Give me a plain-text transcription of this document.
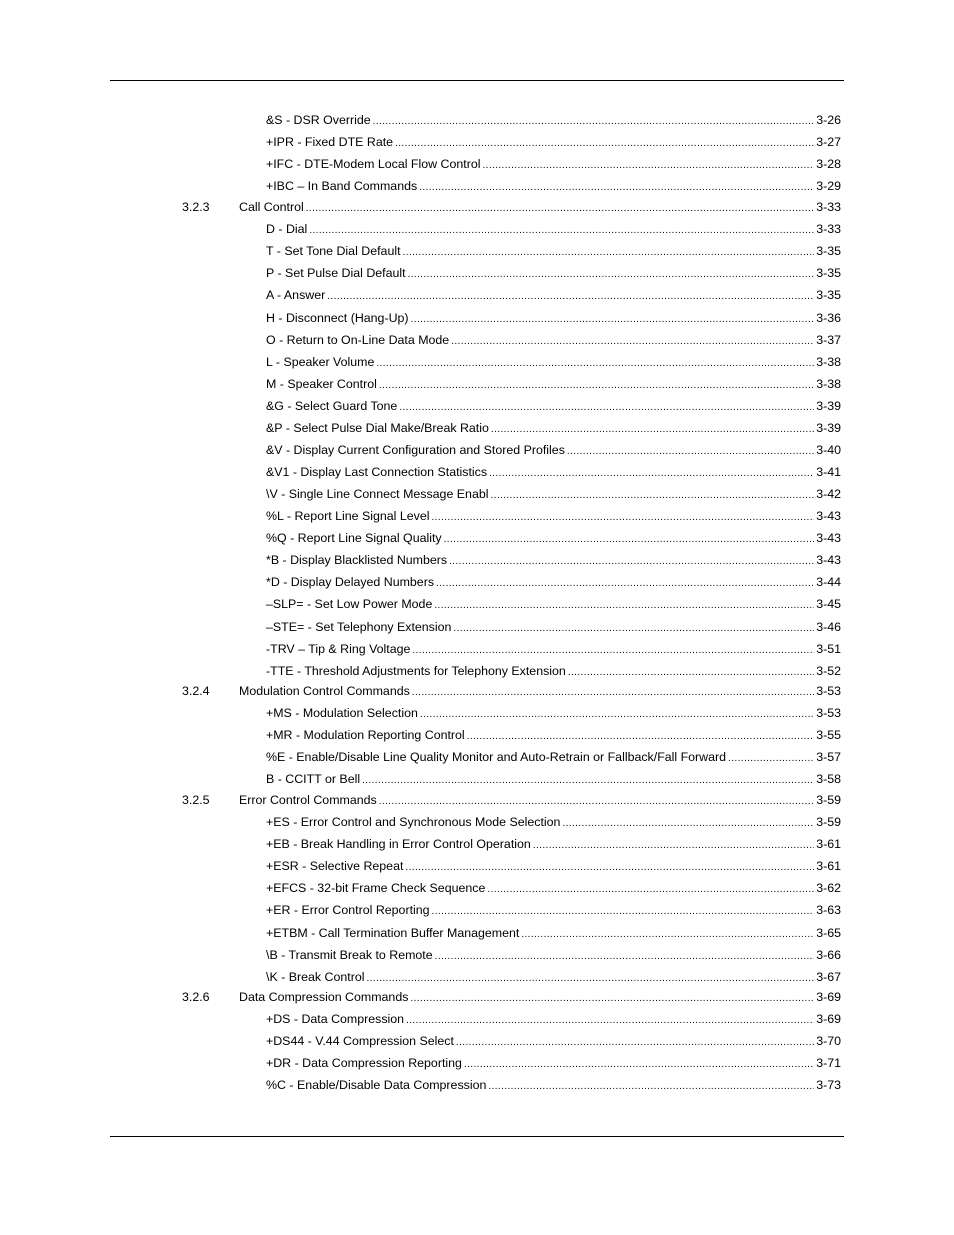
&S - DSR Override .....	3-26
+IPR - Fixed DTE Rate .....	3-27
+IFC - DTE-Modem Local Flow Control .....	3-28
+IBC – In Band Commands .....	3-29
3.2.3	Call Control .....	3-33
D - Dial .....	3-33
T - Set Tone Dial Default .....	3-35
P - Set Pulse Dial Default .....	3-35
A - Answer .....	3-35
H - Disconnect (Hang-Up) .....	3-36
O - Return to On-Line Data Mode .....	3-37
L - Speaker Volume .....	3-38
M - Speaker Control .....	3-38
&G - Select Guard Tone .....	3-39
&P - Select Pulse Dial Make/Break Ratio .....	3-39
&V - Display Current Configuration and Stored Profiles .....	3-40
&V1 - Display Last Connection Statistics .....	3-41
\V - Single Line Connect Message Enabl .....	3-42
%L - Report Line Signal Level .....	3-43
%Q - Report Line Signal Quality .....	3-43
*B - Display Blacklisted Numbers .....	3-43
*D - Display Delayed Numbers .....	3-44
–SLP= - Set Low Power Mode .....	3-45
–STE= - Set Telephony Extension .....	3-46
-TRV – Tip & Ring Voltage .....	3-51
-TTE - Threshold Adjustments for Telephony Extension .....	3-52
3.2.4	Modulation Control Commands .....	3-53
+MS - Modulation Selection .....	3-53
+MR - Modulation Reporting Control .....	3-55
%E - Enable/Disable Line Quality Monitor and Auto-Retrain or Fallback/Fall Forward .....	3-57
B - CCITT or Bell .....	3-58
3.2.5	Error Control Commands .....	3-59
+ES - Error Control and Synchronous Mode Selection .....	3-59
+EB - Break Handling in Error Control Operation .....	3-61
+ESR - Selective Repeat .....	3-61
+EFCS - 32-bit Frame Check Sequence .....	3-62
+ER - Error Control Reporting .....	3-63
+ETBM - Call Termination Buffer Management .....	3-65
\B - Transmit Break to Remote .....	3-66
\K - Break Control .....	3-67
3.2.6	Data Compression Commands .....	3-69
+DS - Data Compression .....	3-69
+DS44 - V.44 Compression Select .....	3-70
+DR - Data Compression Reporting .....	3-71
%C - Enable/Disable Data Compression .....	3-73
